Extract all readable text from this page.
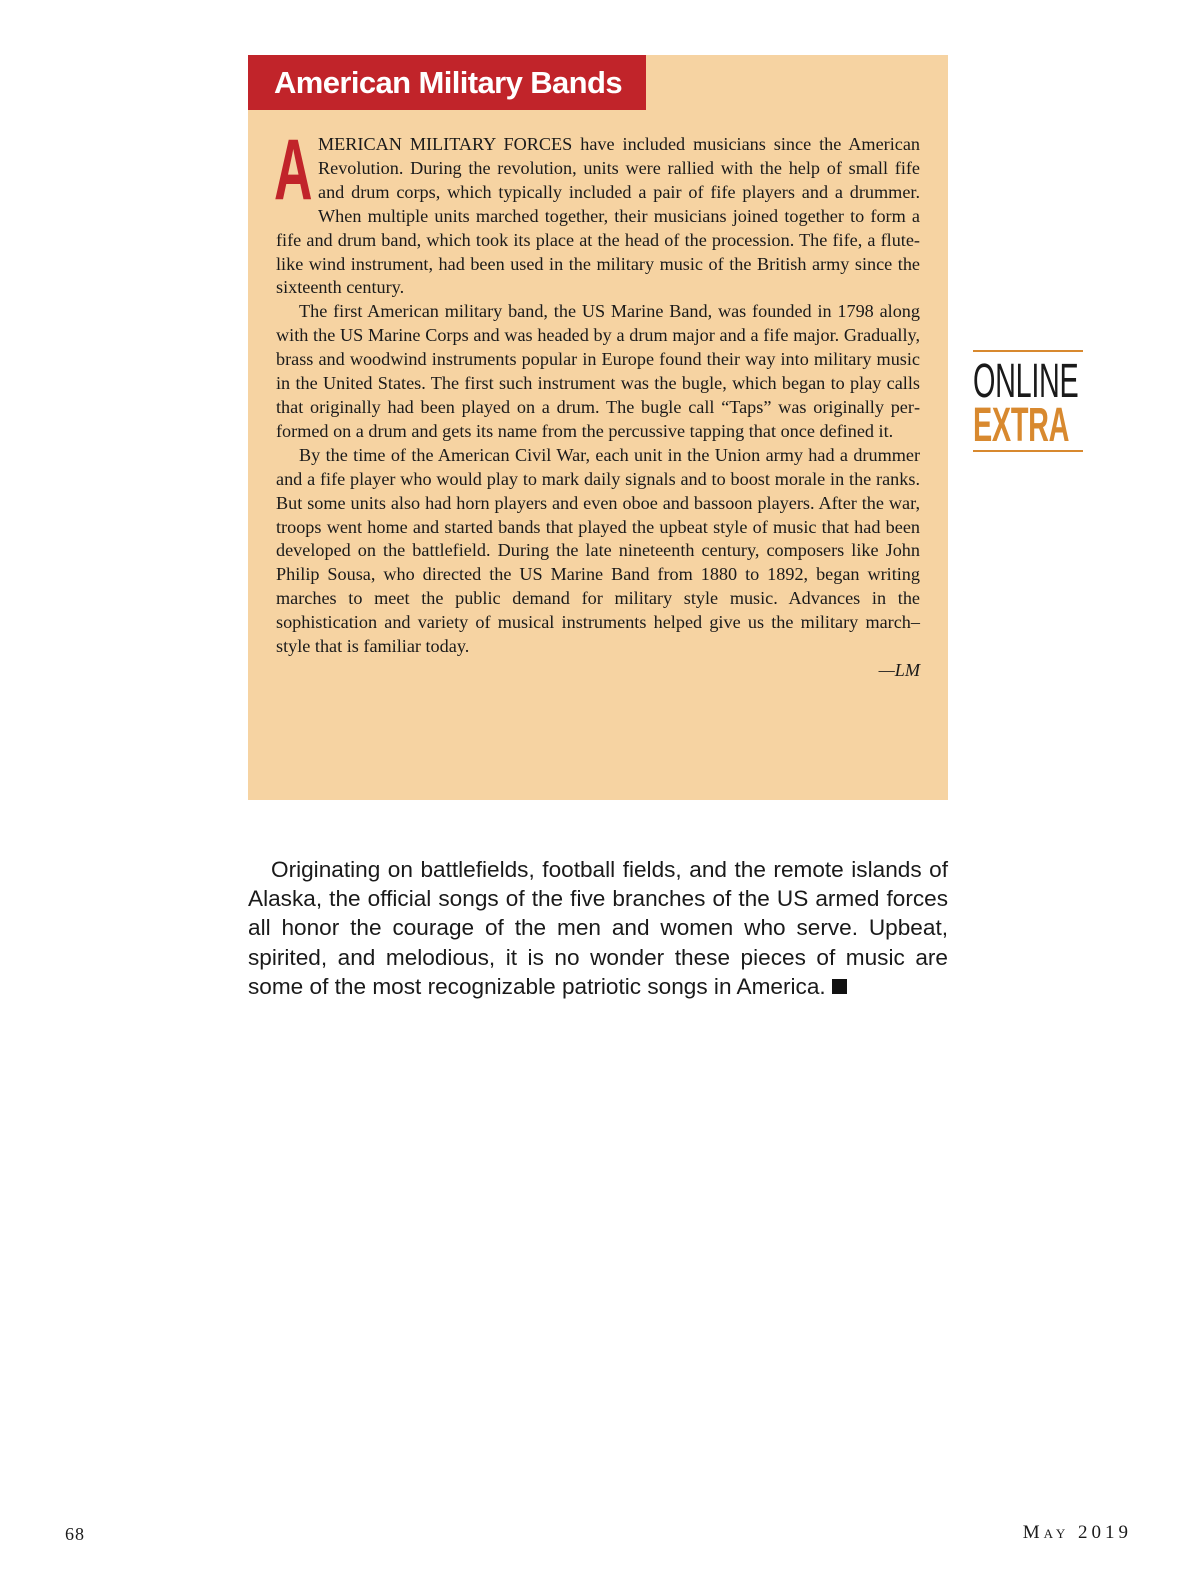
American Military Bands

AMERICAN MILITARY FORCES have included musicians since the American Revolution. During the revolution, units were rallied with the help of small fife and drum corps, which typically included a pair of fife players and a drummer. When multiple units marched together, their musicians joined together to form a fife and drum band, which took its place at the head of the procession. The fife, a flute-like wind instrument, had been used in the military music of the British army since the sixteenth century.

The first American military band, the US Marine Band, was founded in 1798 along with the US Marine Corps and was headed by a drum major and a fife major. Gradually, brass and woodwind instruments popular in Europe found their way into military music in the United States. The first such instrument was the bugle, which began to play calls that originally had been played on a drum. The bugle call “Taps” was originally performed on a drum and gets its name from the percussive tapping that once defined it.

By the time of the American Civil War, each unit in the Union army had a drummer and a fife player who would play to mark daily signals and to boost morale in the ranks. But some units also had horn players and even oboe and bassoon players. After the war, troops went home and started bands that played the upbeat style of music that had been developed on the battlefield. During the late nineteenth century, composers like John Philip Sousa, who directed the US Marine Band from 1880 to 1892, began writing marches to meet the public demand for military style music. Advances in the sophistication and variety of musical instruments helped give us the military march–style that is familiar today.

—LM

ONLINE
EXTRA

Originating on battlefields, football fields, and the remote islands of Alaska, the official songs of the five branches of the US armed forces all honor the courage of the men and women who serve. Upbeat, spirited, and melodious, it is no wonder these pieces of music are some of the most recognizable patriotic songs in America.

68	May 2019
